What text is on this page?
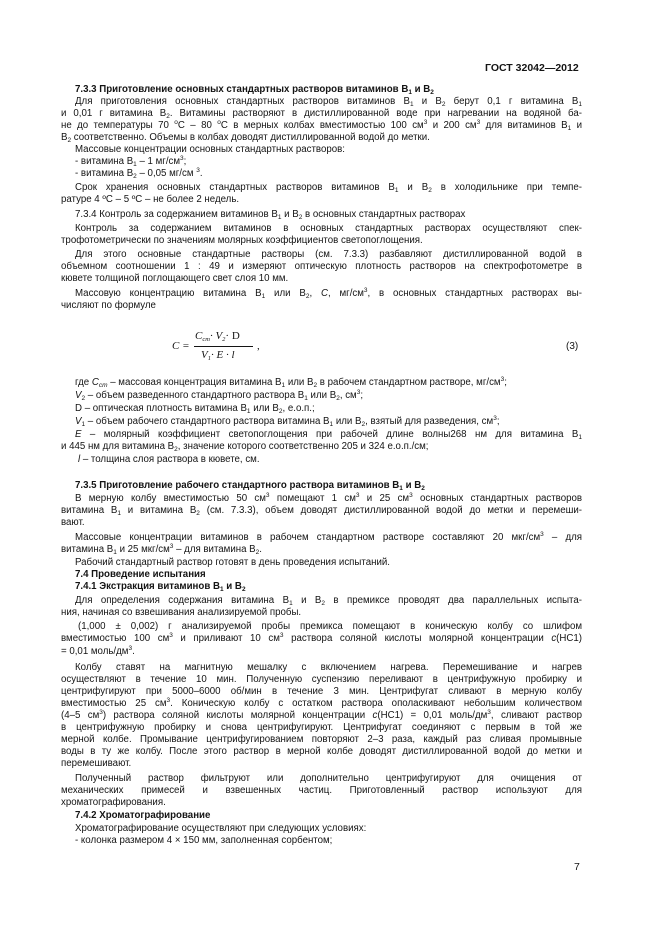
ГОСТ 32042—2012
7.3.3 Приготовление основных стандартных растворов витаминов $В_1$ и $В_2$
Для приготовления основных стандартных растворов витаминов $В_1$ и $В_2$ берут 0,1 г витамина $В_1$
и 0,01 г витамина $В_2$. Витамины растворяют в дистиллированной воде при нагревании на водяной ба-
не до температуры 70 $^о$С – 80 $^о$С в мерных колбах вместимостью 100 $см^3$ и 200 $см^3$ для витаминов $В_1$ и
$В_2$ соответственно. Объемы в колбах доводят дистиллированной водой до метки.
Массовые концентрации основных стандартных растворов:
- витамина $В_1 - 1$ $мг/см^3$;
- витамина $В_2 - 0,05$ мг/см $^3$.
Срок хранения основных стандартных растворов витаминов $В_1$ и $В_2$ в холодильнике при темпе-
ратуре 4 ºС – 5 ºС – не более 2 недель.
7.3.4 Контроль за содержанием витаминов $В_1$ и $В_2$ в основных стандартных растворах
Контроль за содержанием витаминов в основных стандартных растворах осуществляют спек-
трофотометрически по значениям молярных коэффициентов светопоглощения.
Для этого основные стандартные растворы (см. 7.3.3) разбавляют дистиллированной водой в
объемном соотношении 1 : 49 и измеряют оптическую плотность растворов на спектрофотометре в
кювете толщиной поглощающего свет слоя 10 мм.
Массовую концентрацию витамина $В_1$ или $В_2$, С, $мг/см^3$, в основных стандартных растворах вы-
числяют по формуле
C =
$C_{cm}\cdot V_2\cdot D$
$V_1\cdot E \cdot l$
,	(3)
где $С_{ст}$ – массовая концентрация витамина $В_1$ или $В_2$ в рабочем стандартном растворе, $мг/см^3$;
$V_2$ – объем разведенного стандартного раствора $В_1$ или $В_2$, $см^3$;
D – оптическая плотность витамина $В_1$ или $В_2$, е.о.п.;
$V_1$ – объем рабочего стандартного раствора витамина $В_1$ или $В_2$, взятый для разведения, $см^3$;
Е – молярный коэффициент светопоглощения при рабочей длине волны268 нм для витамина $В_1$
и 445 нм для витамина $В_2$, значение которого соответственно 205 и 324 е.о.п./см;
l – толщина слоя раствора в кювете, см.
7.3.5 Приготовление рабочего стандартного раствора витаминов $В_1$ и $В_2$
В мерную колбу вместимостью 50 $см^3$ помещают 1 $см^3$ и 25 $см^3$ основных стандартных растворов
витамина $В_1$ и витамина $В_2$ (см. 7.3.3), объем доводят дистиллированной водой до метки и перемеши-
вают.
Массовые концентрации витаминов в рабочем стандартном растворе составляют 20 мкг/$см^3$ – для
витамина $В_1$ и 25 мкг/$см^3$ – для витамина $В_2$.
Рабочий стандартный раствор готовят в день проведения испытаний.
7.4 Проведение испытания
7.4.1 Экстракция витаминов $В_1$ и $В_2$
Для определения содержания витамина $В_1$ и $В_2$ в премиксе проводят два параллельных испыта-
ния, начиная со взвешивания анализируемой пробы.
(1,000 ± 0,002) г анализируемой пробы премикса помещают в коническую колбу со шлифом
вместимостью 100 $см^3$ и приливают 10 $см^3$ раствора соляной кислоты молярной концентрации с(HC1)
= 0,01 моль/$дм^3$.
Колбу ставят на магнитную мешалку с включением нагрева. Перемешивание и нагрев
осуществляют в течение 10 мин. Полученную суспензию переливают в центрифужную пробирку и
центрифугируют при 5000–6000 об/мин в течение 3 мин. Центрифугат сливают в мерную колбу
вместимостью 25 $см^3$. Коническую колбу с остатком раствора ополаскивают небольшим количеством
(4–5 $см^3$) раствора соляной кислоты молярной концентрации с(HC1) = 0,01 моль/$дм^3$, сливают раствор
в центрифужную пробирку и снова центрифугируют. Центрифугат соединяют с первым в той же
мерной колбе. Промывание центрифугированием повторяют 2–3 раза, каждый раз сливая промывные
воды в ту же колбу. После этого раствор в мерной колбе доводят дистиллированной водой до метки и
перемешивают.
Полученный раствор фильтруют или дополнительно центрифугируют для очищения от
механических примесей и взвешенных частиц. Приготовленный раствор используют для
хроматографирования.
7.4.2 Хроматографирование
Хроматографирование осуществляют при следующих условиях:
- колонка размером 4 × 150 мм, заполненная сорбентом;
7
